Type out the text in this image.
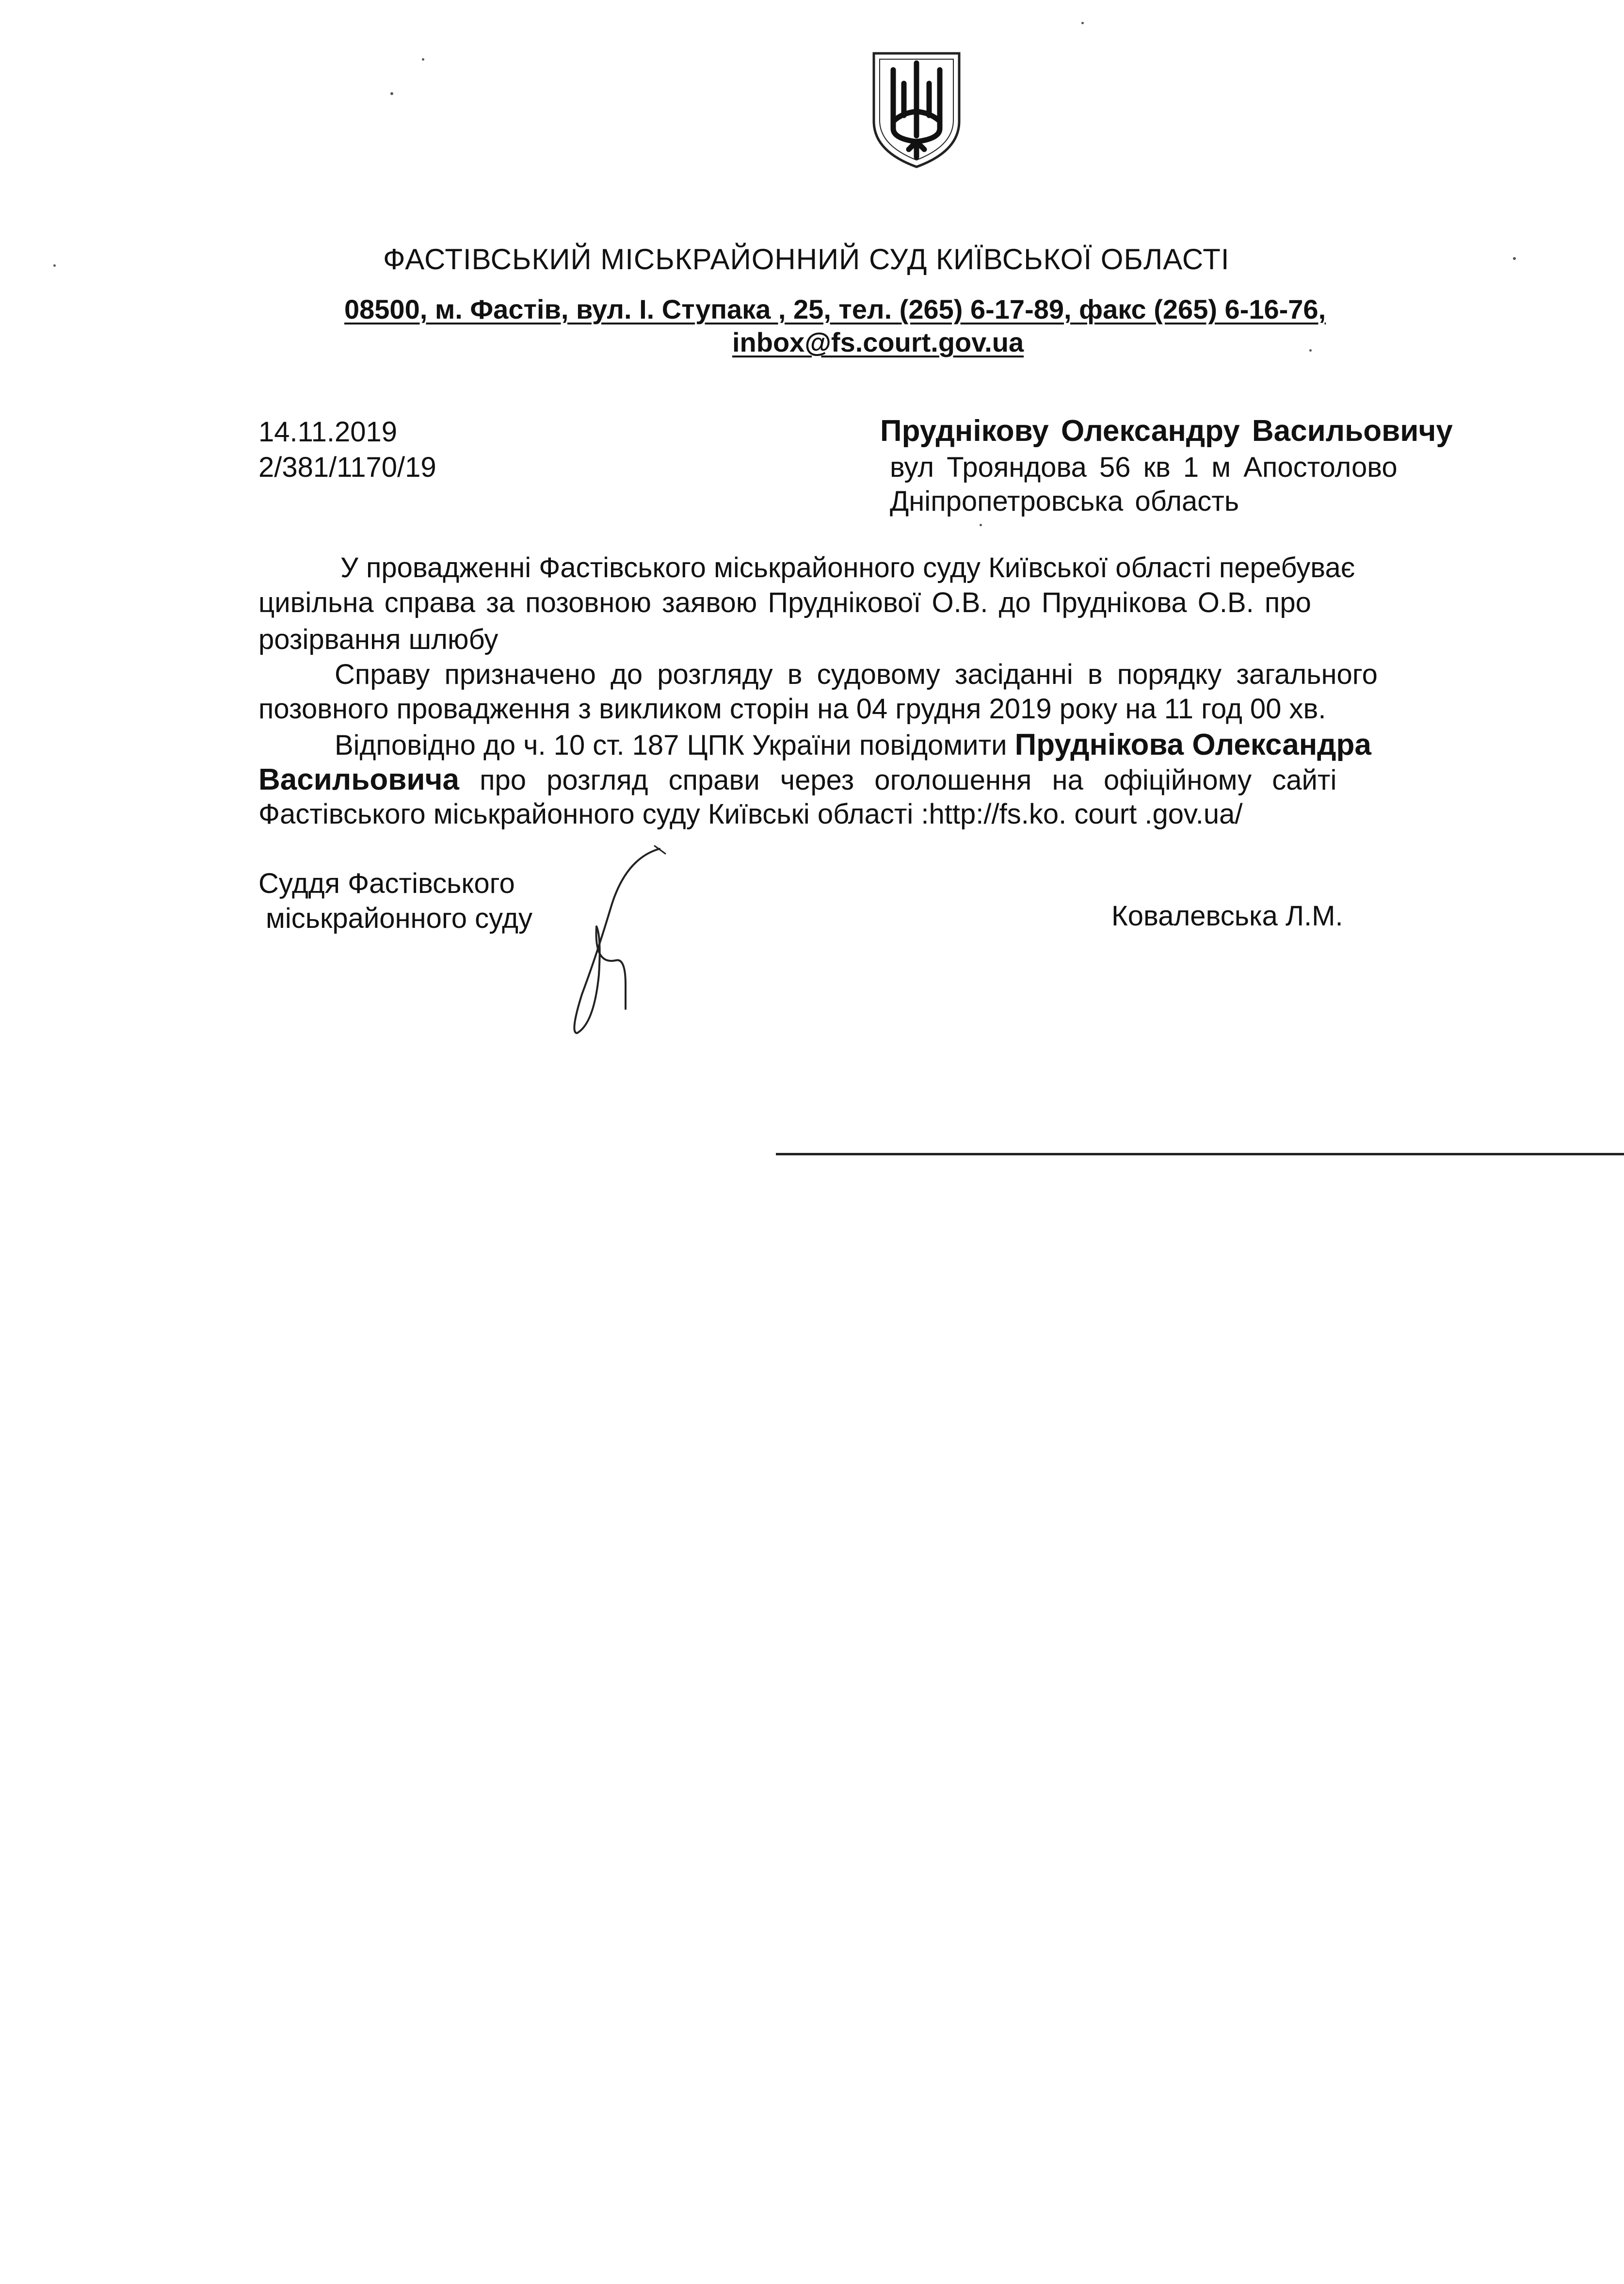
ФАСТІВСЬКИЙ МІСЬКРАЙОННИЙ СУД КИЇВСЬКОЇ ОБЛАСТІ
08500, м. Фастів, вул. І. Ступака , 25, тел. (265) 6-17-89, факс (265) 6-16-76,
inbox@fs.court.gov.ua
14.11.2019
2/381/1170/19
Пруднікову Олександру Васильовичу
вул Трояндова 56 кв 1 м Апостолово
Дніпропетровська область
У провадженні Фастівського міськрайонного суду Київської області перебуває
цивільна справа за позовною заявою Пруднікової О.В. до Пруднікова О.В. про
розірвання шлюбу
Справу призначено до розгляду в судовому засіданні в порядку загального
позовного провадження з викликом сторін на 04 грудня 2019 року на 11 год 00 хв.
Відповідно до ч. 10 ст. 187 ЦПК України повідомити Пруднікова Олександра
Васильовича про розгляд справи через оголошення на офіційному сайті
Фастівського міськрайонного суду Київські області :http://fs.ko. court .gov.ua/
Суддя Фастівського
міськрайонного суду	Ковалевська Л.М.
